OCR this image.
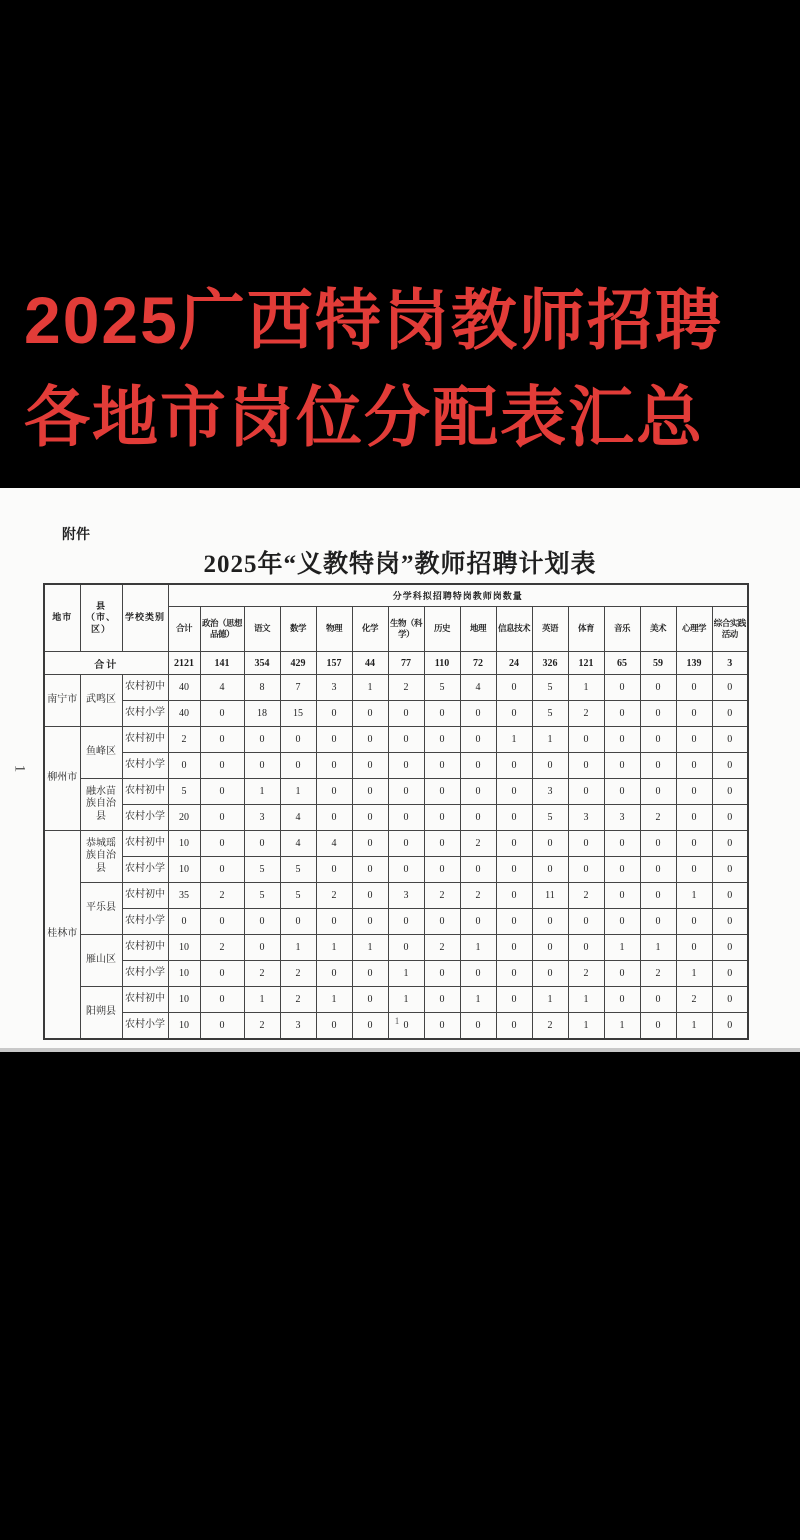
2025广西特岗教师招聘
各地市岗位分配表汇总
附件
2025年“义教特岗”教师招聘计划表
地市	县（市、区）	学校类别	分学科拟招聘特岗教师岗数量															
			合计	政治（思想品德）	语文	数学	物理	化学	生物（科学）	历史	地理	信息技术	英语	体育	音乐	美术	心理学	综合实践活动
合计			2121	141	354	429	157	44	77	110	72	24	326	121	65	59	139	3
南宁市	武鸣区	农村初中	40	4	8	7	3	1	2	5	4	0	5	1	0	0	0	0
		农村小学	40	0	18	15	0	0	0	0	0	0	5	2	0	0	0	0
柳州市	鱼峰区	农村初中	2	0	0	0	0	0	0	0	0	1	1	0	0	0	0	0
		农村小学	0	0	0	0	0	0	0	0	0	0	0	0	0	0	0	0
	融水苗族自治县	农村初中	5	0	1	1	0	0	0	0	0	0	3	0	0	0	0	0
		农村小学	20	0	3	4	0	0	0	0	0	0	5	3	3	2	0	0
桂林市	恭城瑶族自治县	农村初中	10	0	0	4	4	0	0	0	2	0	0	0	0	0	0	0
		农村小学	10	0	5	5	0	0	0	0	0	0	0	0	0	0	0	0
	平乐县	农村初中	35	2	5	5	2	0	3	2	2	0	11	2	0	0	1	0
		农村小学	0	0	0	0	0	0	0	0	0	0	0	0	0	0	0	0
	雁山区	农村初中	10	2	0	1	1	1	0	2	1	0	0	0	1	1	0	0
		农村小学	10	0	2	2	0	0	1	0	0	0	0	2	0	2	1	0
	阳朔县	农村初中	10	0	1	2	1	0	1	0	1	0	1	1	0	0	2	0
		农村小学	10	0	2	3	0	0	0	0	0	0	2	1	1	0	1	0
1
1
